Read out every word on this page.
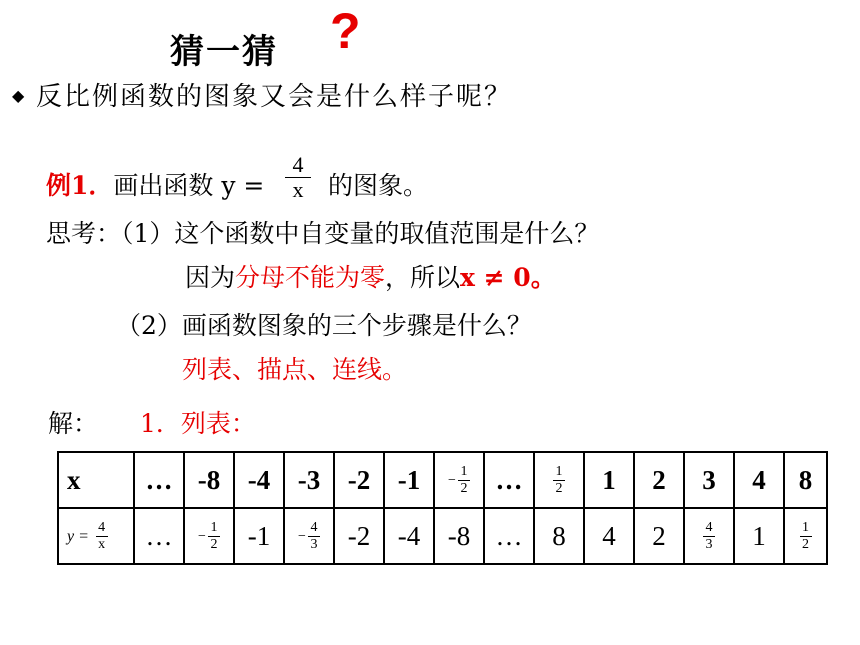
猜一猜 ?
◆ 反比例函数的图象又会是什么样子呢？
例1．画出函数 y =
4
x 的图象。
思考：（1）这个函数中自变量的取值范围是什么？
因为分母不能为零，所以x ≠ 0。
（2）画函数图象的三个步骤是什么？
列表、描点、连线。
解： 1．列表：
x	…	-8	-4	-3	-2	-1	− $\frac{1}{2}$	…	$\frac{1}{2}$	1	2	3	4	8
$y = \frac{4}{x}$	…	− $\frac{1}{2}$	-1	− $\frac{4}{3}$	-2	-4	-8	…	8	4	2	$\frac{4}{3}$	1	$\frac{1}{2}$
